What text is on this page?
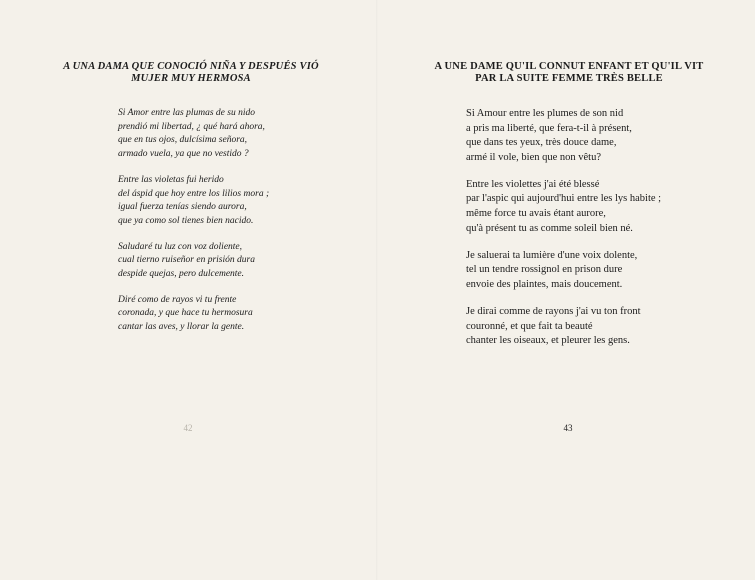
A UNA DAMA QUE CONOCIÓ NIÑA Y DESPUÉS VIÓ MUJER MUY HERMOSA

Si Amor entre las plumas de su nido
prendió mi libertad, ¿ qué hará ahora,
que en tus ojos, dulcísima señora,
armado vuela, ya que no vestido ?

Entre las violetas fui herido
del áspid que hoy entre los lilios mora ;
igual fuerza tenías siendo aurora,
que ya como sol tienes bien nacido.

Saludaré tu luz con voz doliente,
cual tierno ruiseñor en prisión dura
despide quejas, pero dulcemente.

Diré como de rayos vi tu frente
coronada, y que hace tu hermosura
cantar las aves, y llorar la gente.

42
A UNE DAME QU'IL CONNUT ENFANT ET QU'IL VIT PAR LA SUITE FEMME TRÈS BELLE

Si Amour entre les plumes de son nid
a pris ma liberté, que fera-t-il à présent,
que dans tes yeux, très douce dame,
armé il vole, bien que non vêtu?

Entre les violettes j'ai été blessé
par l'aspic qui aujourd'hui entre les lys habite ;
même force tu avais étant aurore,
qu'à présent tu as comme soleil bien né.

Je saluerai ta lumière d'une voix dolente,
tel un tendre rossignol en prison dure
envoie des plaintes, mais doucement.

Je dirai comme de rayons j'ai vu ton front
couronné, et que fait ta beauté
chanter les oiseaux, et pleurer les gens.

43
